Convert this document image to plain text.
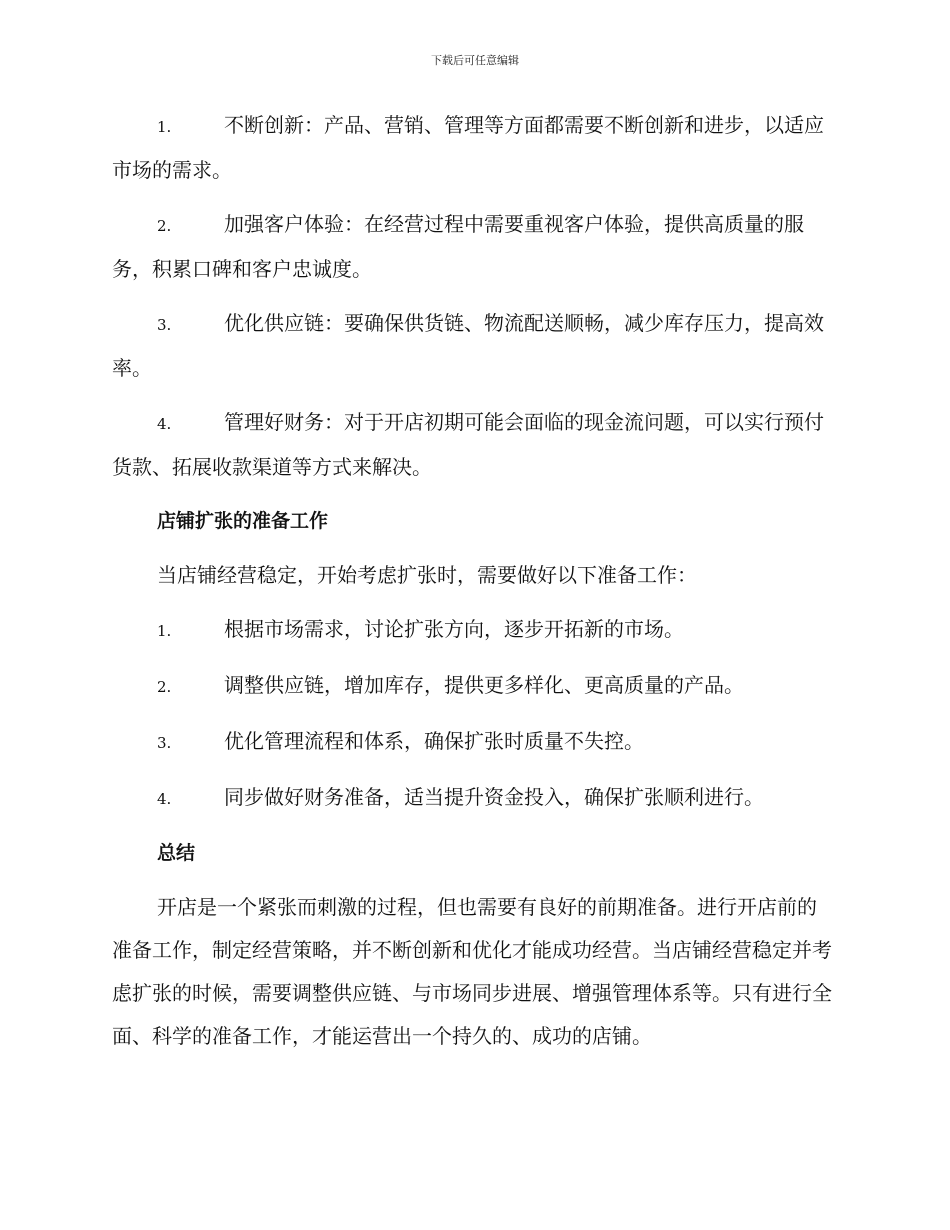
下载后可任意编辑
1.	不断创新：产品、营销、管理等方面都需要不断创新和进步，以适应市场的需求。
2.	加强客户体验：在经营过程中需要重视客户体验，提供高质量的服务，积累口碑和客户忠诚度。
3.	优化供应链：要确保供货链、物流配送顺畅，减少库存压力，提高效率。
4.	管理好财务：对于开店初期可能会面临的现金流问题，可以实行预付货款、拓展收款渠道等方式来解决。
店铺扩张的准备工作
当店铺经营稳定，开始考虑扩张时，需要做好以下准备工作：
1.	根据市场需求，讨论扩张方向，逐步开拓新的市场。
2.	调整供应链，增加库存，提供更多样化、更高质量的产品。
3.	优化管理流程和体系，确保扩张时质量不失控。
4.	同步做好财务准备，适当提升资金投入，确保扩张顺利进行。
总结
开店是一个紧张而刺激的过程，但也需要有良好的前期准备。进行开店前的准备工作，制定经营策略，并不断创新和优化才能成功经营。当店铺经营稳定并考虑扩张的时候，需要调整供应链、与市场同步进展、增强管理体系等。只有进行全面、科学的准备工作，才能运营出一个持久的、成功的店铺。
